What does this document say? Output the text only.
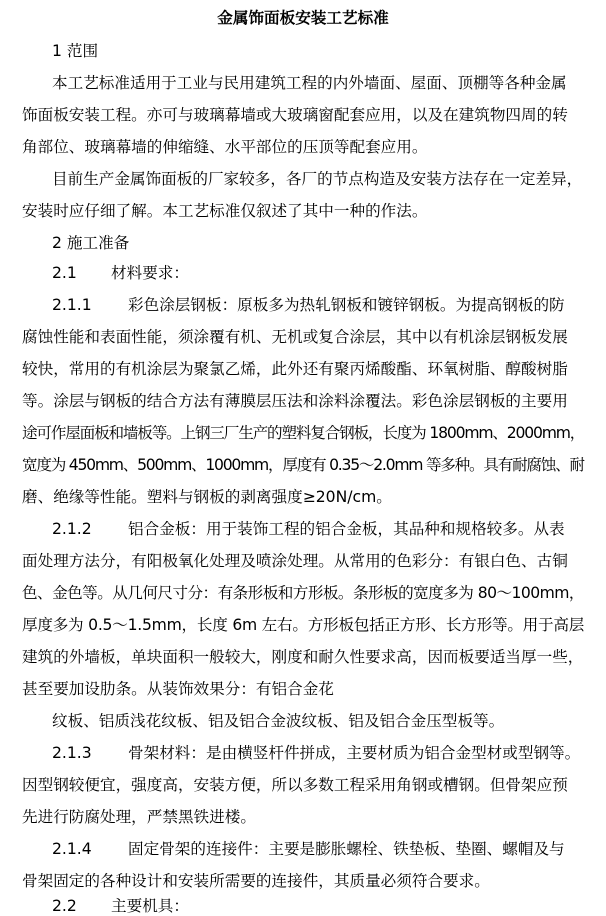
金属饰面板安装工艺标准
1 范围
本工艺标准适用于工业与民用建筑工程的内外墙面、屋面、顶棚等各种金属
饰面板安装工程。亦可与玻璃幕墙或大玻璃窗配套应用，以及在建筑物四周的转
角部位、玻璃幕墙的伸缩缝、水平部位的压顶等配套应用。
目前生产金属饰面板的厂家较多，各厂的节点构造及安装方法存在一定差异，
安装时应仔细了解。本工艺标准仅叙述了其中一种的作法。
2 施工准备
2.1 材料要求：
2.1.1 彩色涂层钢板：原板多为热轧钢板和镀锌钢板。为提高钢板的防
腐蚀性能和表面性能，须涂覆有机、无机或复合涂层，其中以有机涂层钢板发展
较快，常用的有机涂层为聚氯乙烯，此外还有聚丙烯酸酯、环氧树脂、醇酸树脂
等。涂层与钢板的结合方法有薄膜层压法和涂料涂覆法。彩色涂层钢板的主要用
途可作屋面板和墙板等。上钢三厂生产的塑料复合钢板，长度为 1800mm、2000mm，
宽度为 450mm、500mm、1000mm，厚度有 0.35～2.0mm 等多种。具有耐腐蚀、耐
磨、绝缘等性能。塑料与钢板的剥离强度≥20N/cm。
2.1.2 铝合金板：用于装饰工程的铝合金板，其品种和规格较多。从表
面处理方法分，有阳极氧化处理及喷涂处理。从常用的色彩分：有银白色、古铜
色、金色等。从几何尺寸分：有条形板和方形板。条形板的宽度多为 80～100mm，
厚度多为 0.5～1.5mm，长度 6m 左右。方形板包括正方形、长方形等。用于高层
建筑的外墙板，单块面积一般较大，刚度和耐久性要求高，因而板要适当厚一些，
甚至要加设肋条。从装饰效果分：有铝合金花
纹板、铝质浅花纹板、铝及铝合金波纹板、铝及铝合金压型板等。
2.1.3 骨架材料：是由横竖杆件拼成，主要材质为铝合金型材或型钢等。
因型钢较便宜，强度高，安装方便，所以多数工程采用角钢或槽钢。但骨架应预
先进行防腐处理，严禁黑铁进楼。
2.1.4 固定骨架的连接件：主要是膨胀螺栓、铁垫板、垫圈、螺帽及与
骨架固定的各种设计和安装所需要的连接件，其质量必须符合要求。
2.2 主要机具：
